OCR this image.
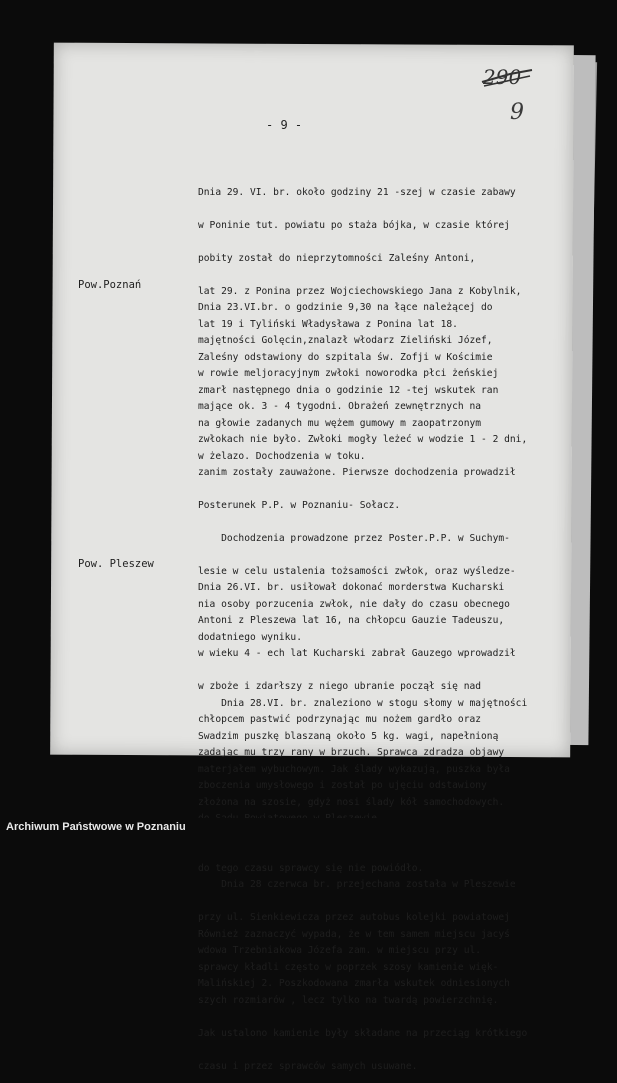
290
9
- 9 -

Dnia 29. VI. br. około godziny 21 -szej w czasie zabawy

w Poninie tut. powiatu po staża bójka, w czasie której

pobity został do nieprzytomności Zaleśny Antoni,

lat 29. z Ponina przez Wojciechowskiego Jana z Kobylnik,

lat 19 i Tyliński Władysława z Ponina lat 18.

Zaleśny odstawiony do szpitala św. Zofji w Kościmie

zmarł następnego dnia o godzinie 12 -tej wskutek ran

na głowie zadanych mu wężem gumowy m zaopatrzonym

w żelazo. Dochodzenia w toku.

Pow.Poznań

Dnia 23.VI.br. o godzinie 9,30 na łące należącej do

majętności Golęcin,znalazł włodarz Zieliński Józef,

w rowie meljoracyjnym zwłoki noworodka płci żeńskiej

mające ok. 3 - 4 tygodni. Obrażeń zewnętrznych na

zwłokach nie było. Zwłoki mogły leżeć w wodzie 1 - 2 dni,

zanim zostały zauważone. Pierwsze dochodzenia prowadził

Posterunek P.P. w Poznaniu- Sołacz.

Dochodzenia prowadzone przez Poster.P.P. w Suchym-

lesie w celu ustalenia tożsamości zwłok, oraz wyśledze-

nia osoby porzucenia zwłok, nie dały do czasu obecnego

dodatniego wyniku.

Dnia 28.VI. br. znaleziono w stogu słomy w majętności

Swadzim puszkę blaszaną około 5 kg. wagi, napełnioną

materjałem wybuchowym. Jak ślady wykazują, puszka była

złożona na szosie, gdyż nosi ślady kół samochodowych.

do tego czasu sprawcy się nie powiódło.

Również zaznaczyć wypada, że w tem samem miejscu jacyś

sprawcy kładli często w poprzek szosy kamienie więk-

szych rozmiarów , lecz tylko na twardą powierzchnię.

Jak ustalono kamienie były składane na przeciąg krótkiego

czasu i przez sprawców samych usuwane.

Pow. Pleszew

Dnia 26.VI. br. usiłował dokonać morderstwa Kucharski

Antoni z Pleszewa lat 16, na chłopcu Gauzie Tadeuszu,

w wieku 4 - ech lat Kucharski zabrał Gauzego wprowadził

w zboże i zdarłszy z niego ubranie począł się nad

chłopcem pastwić podrzynając mu nożem gardło oraz

zadając mu trzy rany w brzuch. Sprawca zdradza objawy

zboczenia umysłowego i został po ujęciu odstawiony

Dnia 28 czerwca br. przejechana została w Pleszewie

przy ul. Sienkiewicza przez autobus kolejki powiatowej

wdowa Trzebniakowa Józefa zam. w miejscu przy ul.

Malińskiej 2. Poszkodowana zmarła wskutek odniesionych

Archiwum Państwowe w Poznaniu
